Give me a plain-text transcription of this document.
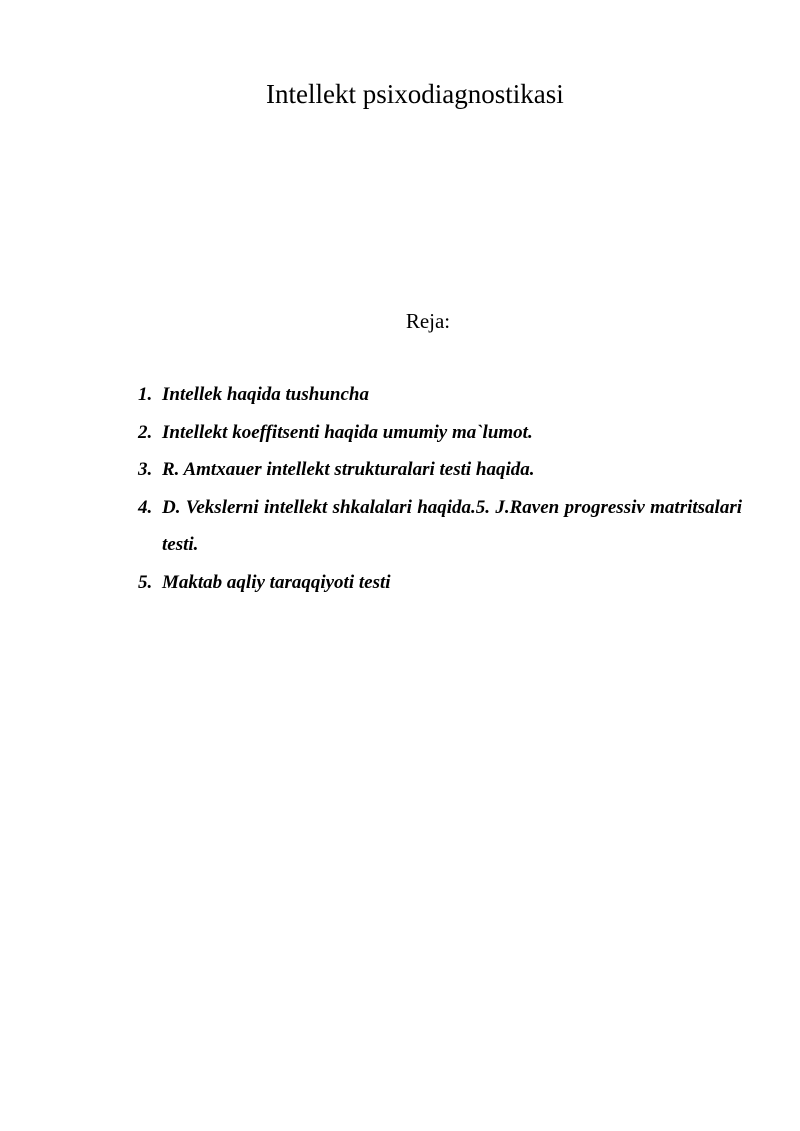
Intellekt psixodiagnostikasi
Reja:
1. Intellek haqida tushuncha
2. Intellekt koeffitsenti haqida umumiy ma`lumot.
3. R. Amtxauer intellekt strukturalari testi haqida.
4. D. Vekslerni intellekt shkalalari haqida.5. J.Raven progressiv matritsalari testi.
5. Maktab aqliy taraqqiyoti testi
